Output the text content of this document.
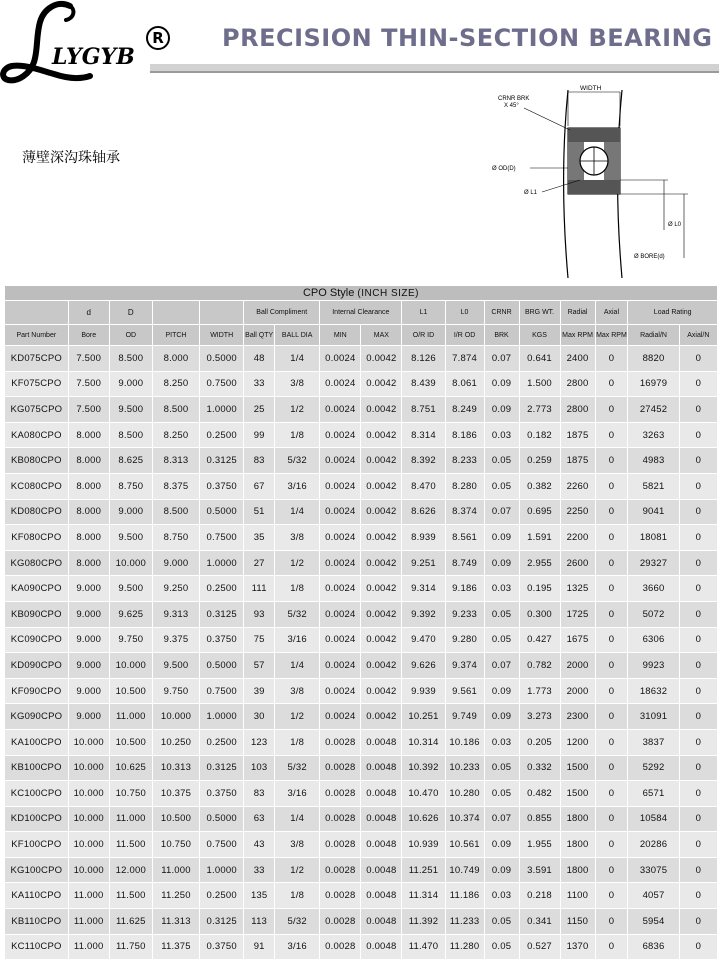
LYGYB
R PRECISION THIN-SECTION BEARING
薄壁深沟珠轴承
WIDTH
CRNR BRK
X 45°
Ø OD(D)
Ø L1
Ø L0
Ø BORE(d)
CPO Style (INCH SIZE)																
	d	D			Ball Compliment		Internal Clearance		L1	L0	CRNR	BRG WT.	Radial	Axial	Load Rating	
Part Number	Bore	OD	PITCH	WIDTH	Ball QTY	BALL DIA	MIN	MAX	O/R ID	I/R OD	BRK	KGS	Max RPM	Max RPM	Radial/N	Axial/N
KD075CPO	7.500	8.500	8.000	0.5000	48	1/4	0.0024	0.0042	8.126	7.874	0.07	0.641	2400	0	8820	0
KF075CPO	7.500	9.000	8.250	0.7500	33	3/8	0.0024	0.0042	8.439	8.061	0.09	1.500	2800	0	16979	0
KG075CPO	7.500	9.500	8.500	1.0000	25	1/2	0.0024	0.0042	8.751	8.249	0.09	2.773	2800	0	27452	0
KA080CPO	8.000	8.500	8.250	0.2500	99	1/8	0.0024	0.0042	8.314	8.186	0.03	0.182	1875	0	3263	0
KB080CPO	8.000	8.625	8.313	0.3125	83	5/32	0.0024	0.0042	8.392	8.233	0.05	0.259	1875	0	4983	0
KC080CPO	8.000	8.750	8.375	0.3750	67	3/16	0.0024	0.0042	8.470	8.280	0.05	0.382	2260	0	5821	0
KD080CPO	8.000	9.000	8.500	0.5000	51	1/4	0.0024	0.0042	8.626	8.374	0.07	0.695	2250	0	9041	0
KF080CPO	8.000	9.500	8.750	0.7500	35	3/8	0.0024	0.0042	8.939	8.561	0.09	1.591	2200	0	18081	0
KG080CPO	8.000	10.000	9.000	1.0000	27	1/2	0.0024	0.0042	9.251	8.749	0.09	2.955	2600	0	29327	0
KA090CPO	9.000	9.500	9.250	0.2500	111	1/8	0.0024	0.0042	9.314	9.186	0.03	0.195	1325	0	3660	0
KB090CPO	9.000	9.625	9.313	0.3125	93	5/32	0.0024	0.0042	9.392	9.233	0.05	0.300	1725	0	5072	0
KC090CPO	9.000	9.750	9.375	0.3750	75	3/16	0.0024	0.0042	9.470	9.280	0.05	0.427	1675	0	6306	0
KD090CPO	9.000	10.000	9.500	0.5000	57	1/4	0.0024	0.0042	9.626	9.374	0.07	0.782	2000	0	9923	0
KF090CPO	9.000	10.500	9.750	0.7500	39	3/8	0.0024	0.0042	9.939	9.561	0.09	1.773	2000	0	18632	0
KG090CPO	9.000	11.000	10.000	1.0000	30	1/2	0.0024	0.0042	10.251	9.749	0.09	3.273	2300	0	31091	0
KA100CPO	10.000	10.500	10.250	0.2500	123	1/8	0.0028	0.0048	10.314	10.186	0.03	0.205	1200	0	3837	0
KB100CPO	10.000	10.625	10.313	0.3125	103	5/32	0.0028	0.0048	10.392	10.233	0.05	0.332	1500	0	5292	0
KC100CPO	10.000	10.750	10.375	0.3750	83	3/16	0.0028	0.0048	10.470	10.280	0.05	0.482	1500	0	6571	0
KD100CPO	10.000	11.000	10.500	0.5000	63	1/4	0.0028	0.0048	10.626	10.374	0.07	0.855	1800	0	10584	0
KF100CPO	10.000	11.500	10.750	0.7500	43	3/8	0.0028	0.0048	10.939	10.561	0.09	1.955	1800	0	20286	0
KG100CPO	10.000	12.000	11.000	1.0000	33	1/2	0.0028	0.0048	11.251	10.749	0.09	3.591	1800	0	33075	0
KA110CPO	11.000	11.500	11.250	0.2500	135	1/8	0.0028	0.0048	11.314	11.186	0.03	0.218	1100	0	4057	0
KB110CPO	11.000	11.625	11.313	0.3125	113	5/32	0.0028	0.0048	11.392	11.233	0.05	0.341	1150	0	5954	0
KC110CPO	11.000	11.750	11.375	0.3750	91	3/16	0.0028	0.0048	11.470	11.280	0.05	0.527	1370	0	6836	0
